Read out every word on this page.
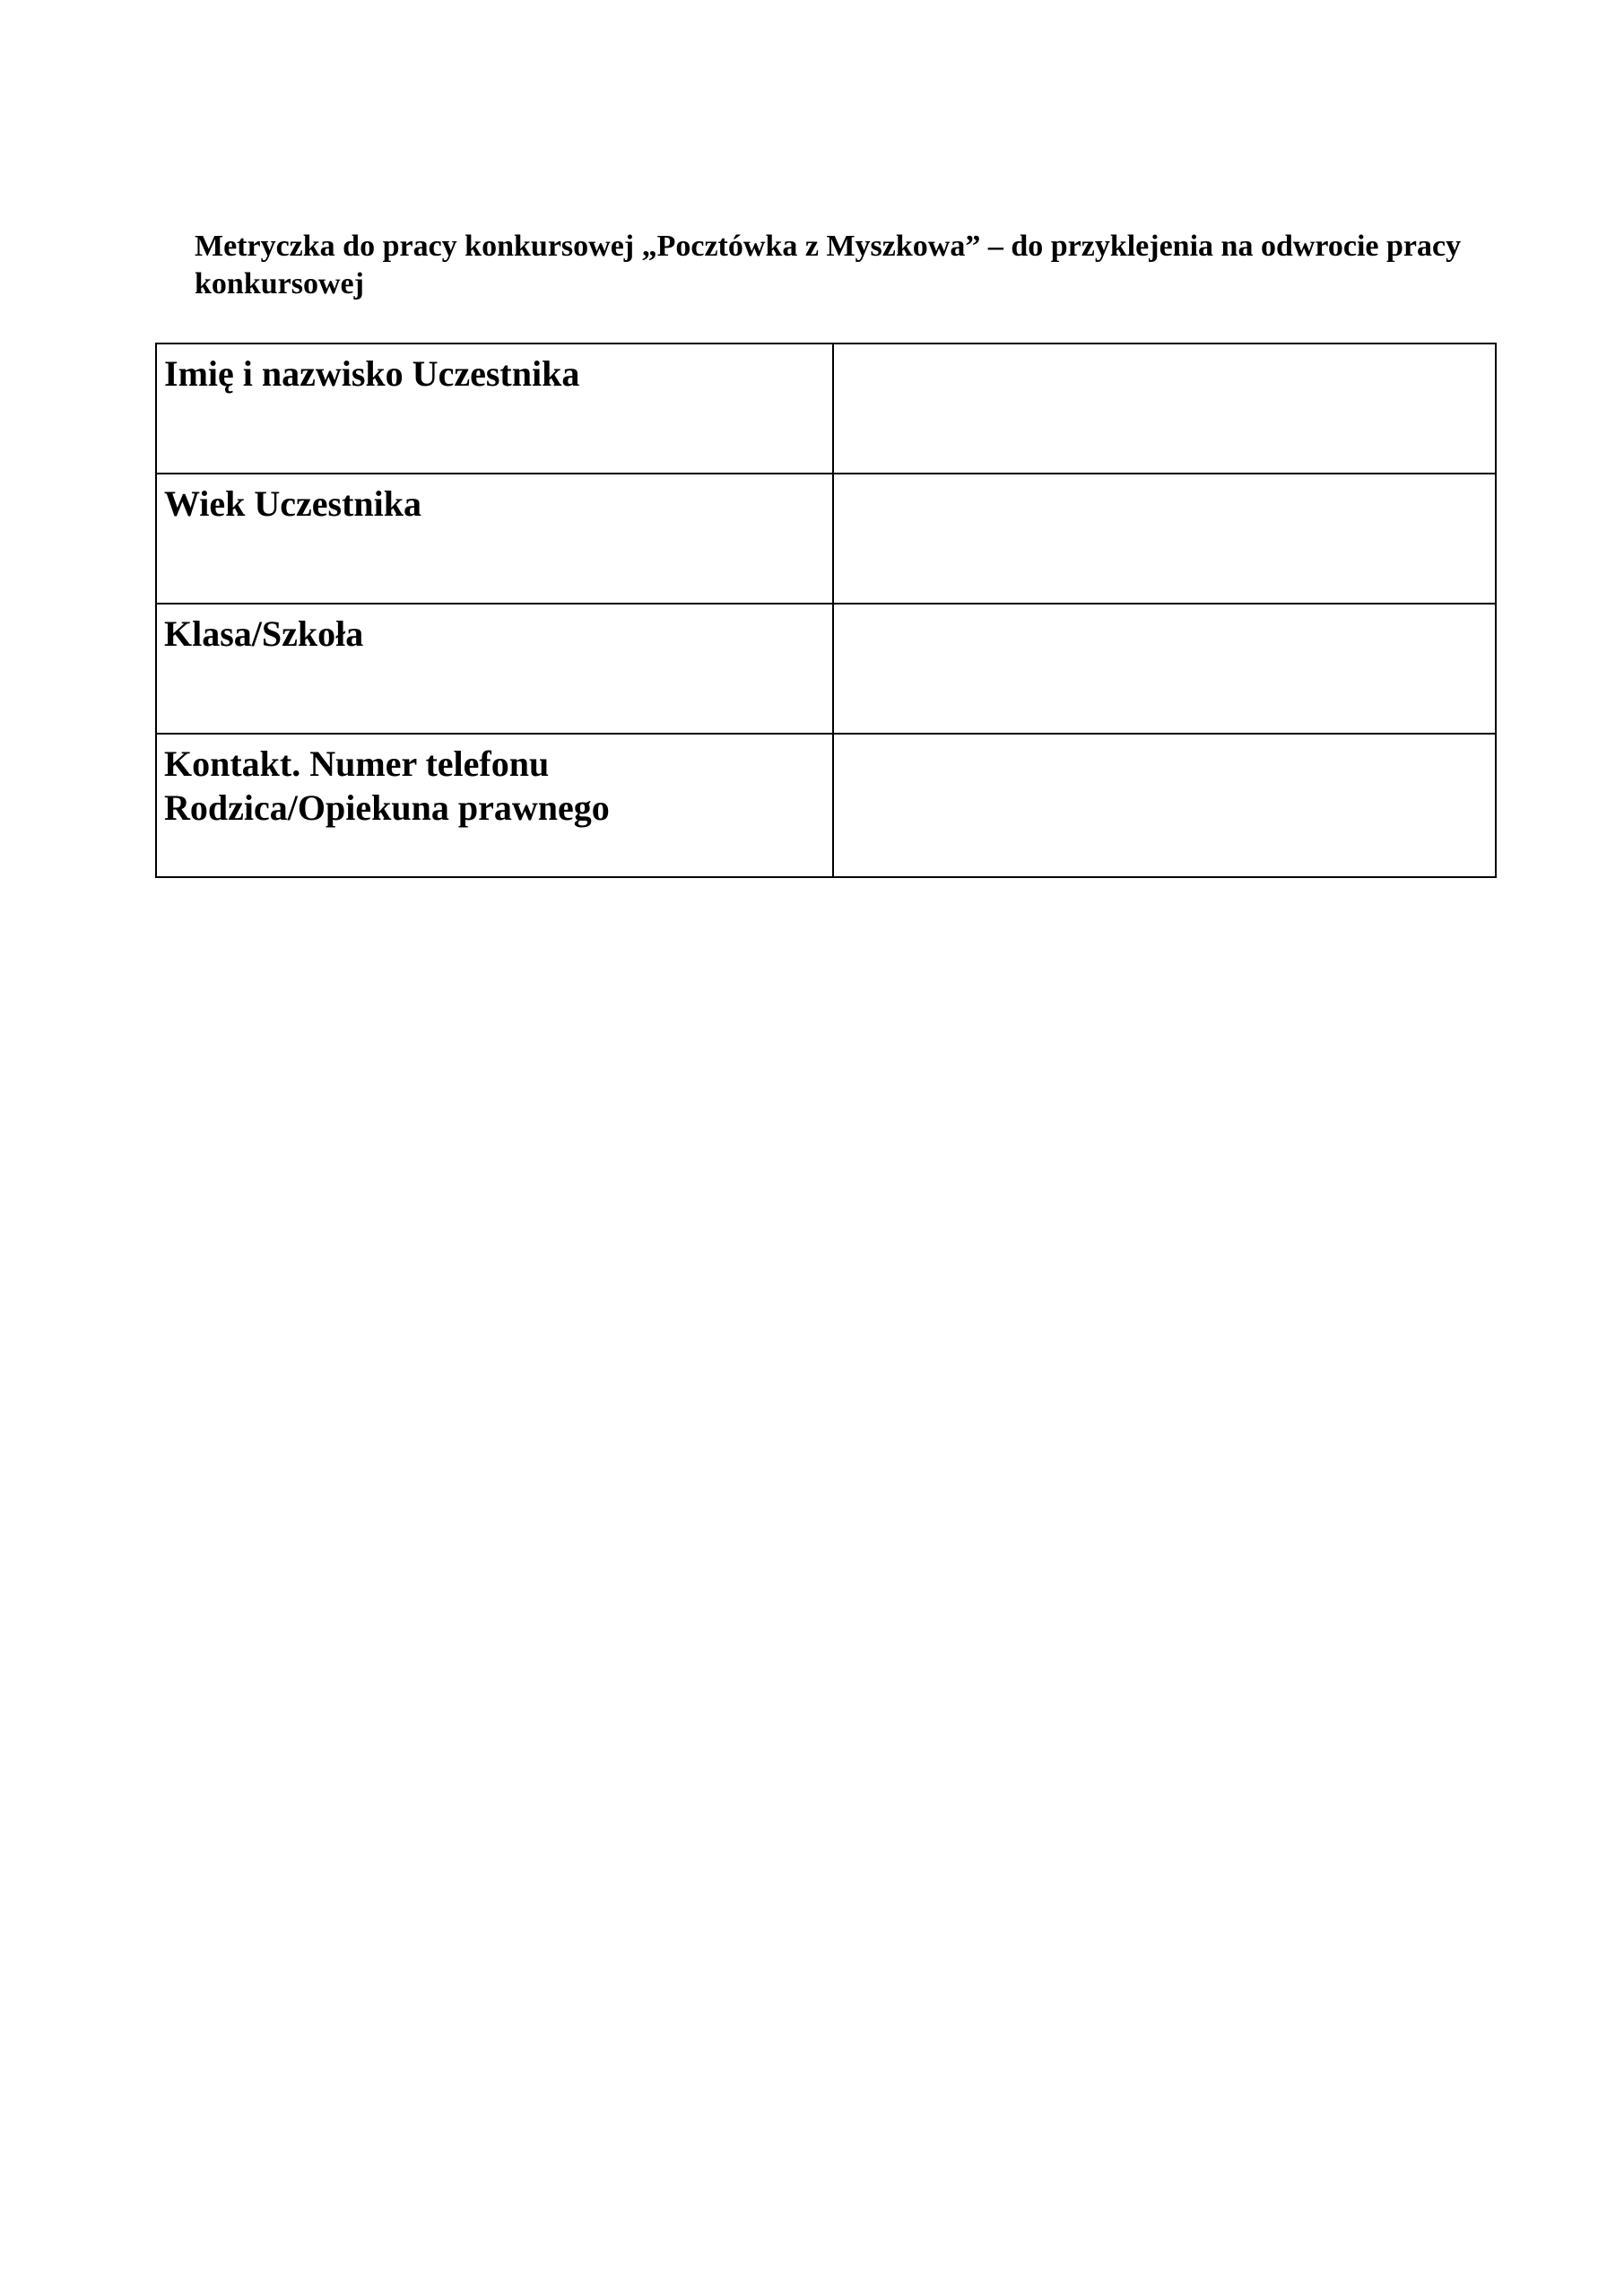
Metryczka do pracy konkursowej „Pocztówka z Myszkowa” – do przyklejenia na odwrocie pracy konkursowej

Imię i nazwisko Uczestnika	

Wiek Uczestnika	

Klasa/Szkoła	

Kontakt. Numer telefonu
Rodzica/Opiekuna prawnego	
